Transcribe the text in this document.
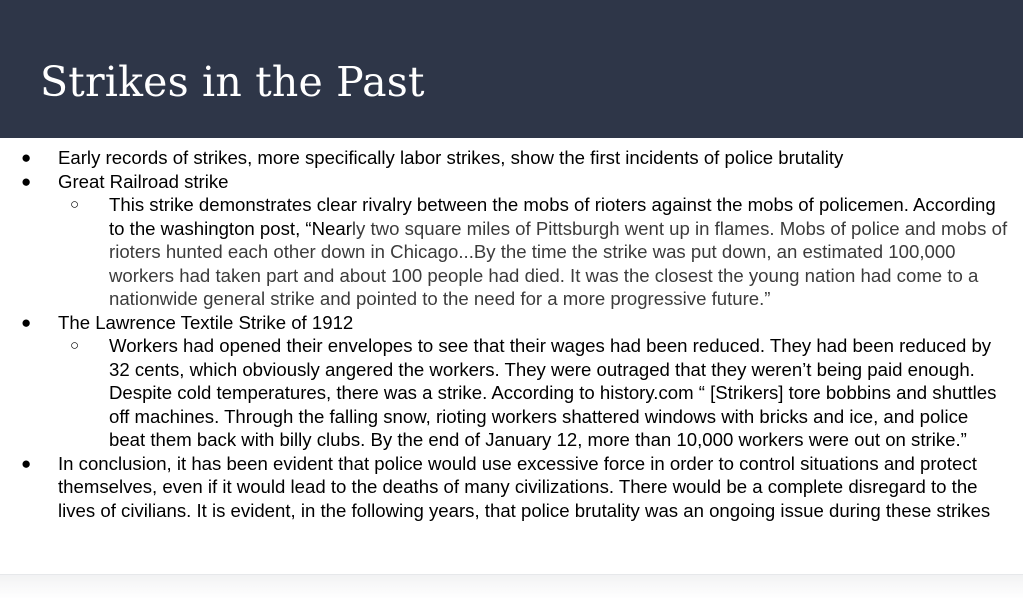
Strikes in the Past
● Early records of strikes, more specifically labor strikes, show the first incidents of police brutality
● Great Railroad strike
○ This strike demonstrates clear rivalry between the mobs of rioters against the mobs of policemen. According to the washington post, “Nearly two square miles of Pittsburgh went up in flames. Mobs of police and mobs of rioters hunted each other down in Chicago...By the time the strike was put down, an estimated 100,000 workers had taken part and about 100 people had died. It was the closest the young nation had come to a nationwide general strike and pointed to the need for a more progressive future.”
● The Lawrence Textile Strike of 1912
○ Workers had opened their envelopes to see that their wages had been reduced. They had been reduced by 32 cents, which obviously angered the workers. They were outraged that they weren’t being paid enough. Despite cold temperatures, there was a strike. According to history.com “ [Strikers] tore bobbins and shuttles off machines. Through the falling snow, rioting workers shattered windows with bricks and ice, and police beat them back with billy clubs. By the end of January 12, more than 10,000 workers were out on strike.”
● In conclusion, it has been evident that police would use excessive force in order to control situations and protect themselves, even if it would lead to the deaths of many civilizations. There would be a complete disregard to the lives of civilians. It is evident, in the following years, that police brutality was an ongoing issue during these strikes
